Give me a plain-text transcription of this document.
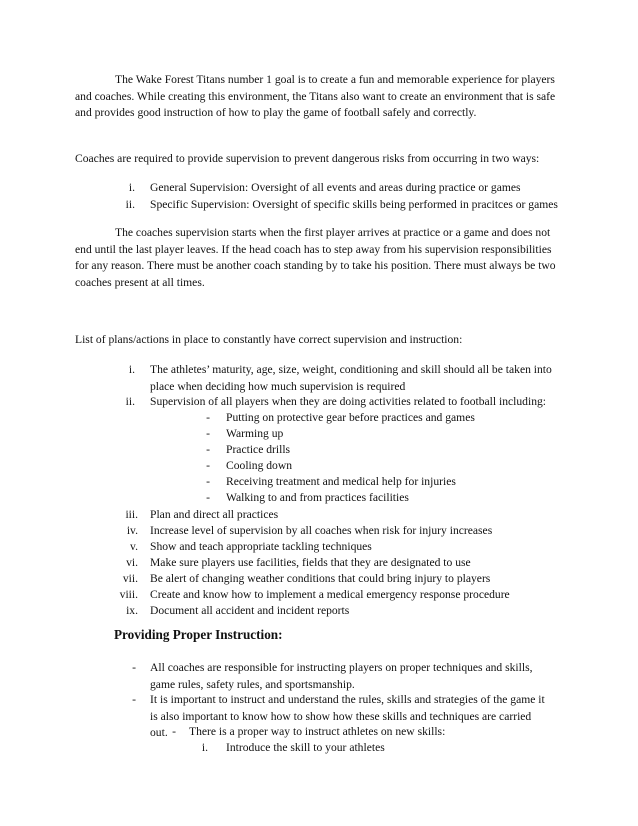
The Wake Forest Titans number 1 goal is to create a fun and memorable experience for players and coaches. While creating this environment, the Titans also want to create an environment that is safe and provides good instruction of how to play the game of football safely and correctly.

Coaches are required to provide supervision to prevent dangerous risks from occurring in two ways:

i. General Supervision: Oversight of all events and areas during practice or games
ii. Specific Supervision: Oversight of specific skills being performed in pracitces or games

The coaches supervision starts when the first player arrives at practice or a game and does not end until the last player leaves. If the head coach has to step away from his supervision responsibilities for any reason. There must be another coach standing by to take his position. There must always be two coaches present at all times.

List of plans/actions in place to constantly have correct supervision and instruction:

i. The athletes’ maturity, age, size, weight, conditioning and skill should all be taken into place when deciding how much supervision is required
ii. Supervision of all players when they are doing activities related to football including:
- Putting on protective gear before practices and games
- Warming up
- Practice drills
- Cooling down
- Receiving treatment and medical help for injuries
- Walking to and from practices facilities
iii. Plan and direct all practices
iv. Increase level of supervision by all coaches when risk for injury increases
v. Show and teach appropriate tackling techniques
vi. Make sure players use facilities, fields that they are designated to use
vii. Be alert of changing weather conditions that could bring injury to players
viii. Create and know how to implement a medical emergency response procedure
ix. Document all accident and incident reports
Providing Proper Instruction:
- All coaches are responsible for instructing players on proper techniques and skills, game rules, safety rules, and sportsmanship.
- It is important to instruct and understand the rules, skills and strategies of the game it is also important to know how to show how these skills and techniques are carried out. - There is a proper way to instruct athletes on new skills:
i. Introduce the skill to your athletes
